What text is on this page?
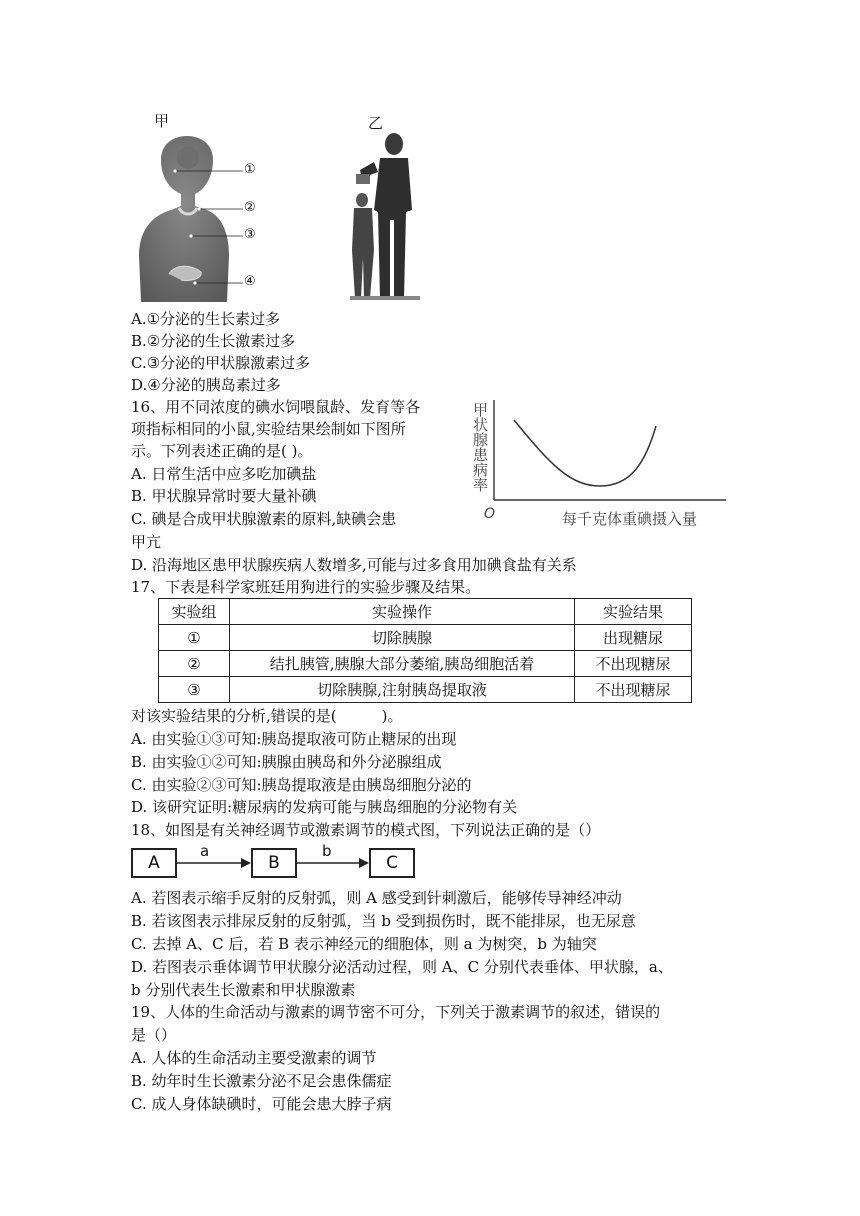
甲	乙
①
②
③
④
A.①分泌的生长素过多
B.②分泌的生长激素过多
C.③分泌的甲状腺激素过多
D.④分泌的胰岛素过多
16、用不同浓度的碘水饲喂鼠龄、发育等各
项指标相同的小鼠,实验结果绘制如下图所
示。下列表述正确的是( )。
A. 日常生活中应多吃加碘盐
B. 甲状腺异常时要大量补碘
C. 碘是合成甲状腺激素的原料,缺碘会患
甲亢
D. 沿海地区患甲状腺疾病人数增多,可能与过多食用加碘食盐有关系
甲状腺患病率
O	每千克体重碘摄入量
17、下表是科学家班廷用狗进行的实验步骤及结果。
实验组	实验操作	实验结果
①	切除胰腺	出现糖尿
②	结扎胰管,胰腺大部分萎缩,胰岛细胞活着	不出现糖尿
③	切除胰腺,注射胰岛提取液	不出现糖尿
对该实验结果的分析,错误的是(　　　)。
A. 由实验①③可知:胰岛提取液可防止糖尿的出现
B. 由实验①②可知:胰腺由胰岛和外分泌腺组成
C. 由实验②③可知:胰岛提取液是由胰岛细胞分泌的
D. 该研究证明:糖尿病的发病可能与胰岛细胞的分泌物有关
18、如图是有关神经调节或激素调节的模式图，下列说法正确的是（）
A	B	C
a	b
A. 若图表示缩手反射的反射弧，则 A 感受到针刺激后，能够传导神经冲动
B. 若该图表示排尿反射的反射弧，当 b 受到损伤时，既不能排尿，也无尿意
C. 去掉 A、C 后，若 B 表示神经元的细胞体，则 a 为树突，b 为轴突
D. 若图表示垂体调节甲状腺分泌活动过程，则 A、C 分别代表垂体、甲状腺，a、
b 分别代表生长激素和甲状腺激素
19、人体的生命活动与激素的调节密不可分，下列关于激素调节的叙述，错误的
是（）
A. 人体的生命活动主要受激素的调节
B. 幼年时生长激素分泌不足会患侏儒症
C. 成人身体缺碘时，可能会患大脖子病
